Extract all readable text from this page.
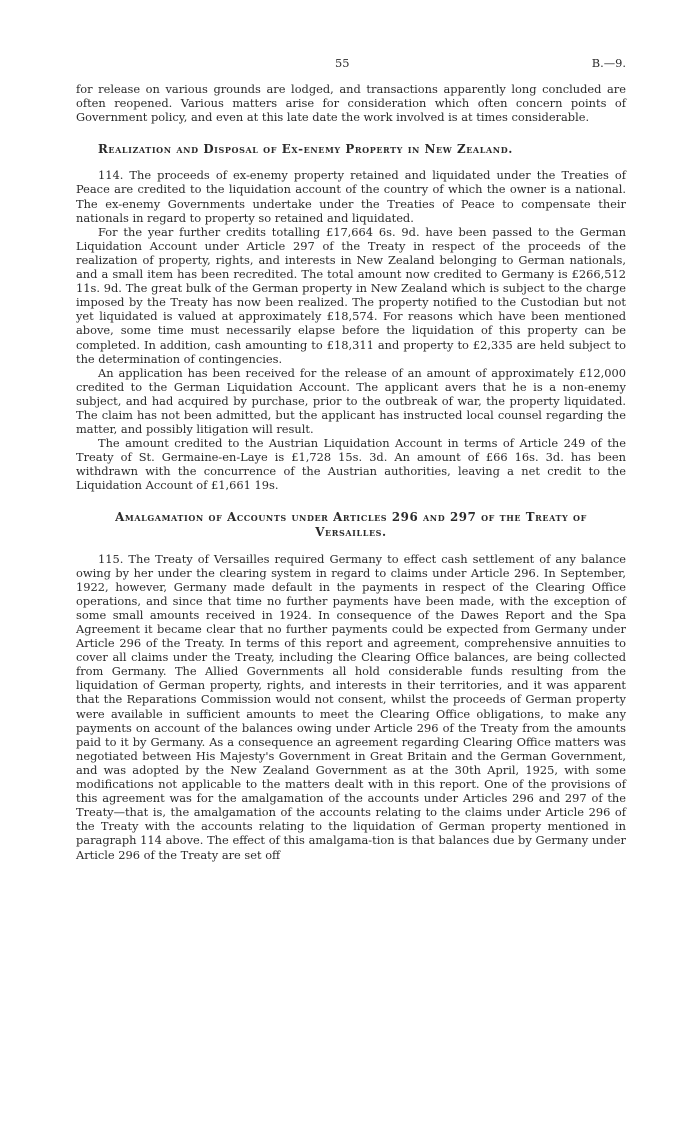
55	B.—9.

for release on various grounds are lodged, and transactions apparently long concluded are often reopened. Various matters arise for consideration which often concern points of Government policy, and even at this late date the work involved is at times considerable.

Realization and Disposal of Ex-enemy Property in New Zealand.

114. The proceeds of ex-enemy property retained and liquidated under the Treaties of Peace are credited to the liquidation account of the country of which the owner is a national. The ex-enemy Governments undertake under the Treaties of Peace to compensate their nationals in regard to property so retained and liquidated.

For the year further credits totalling £17,664 6s. 9d. have been passed to the German Liquidation Account under Article 297 of the Treaty in respect of the proceeds of the realization of property, rights, and interests in New Zealand belonging to German nationals, and a small item has been recredited. The total amount now credited to Germany is £266,512 11s. 9d. The great bulk of the German property in New Zealand which is subject to the charge imposed by the Treaty has now been realized. The property notified to the Custodian but not yet liquidated is valued at approximately £18,574. For reasons which have been mentioned above, some time must necessarily elapse before the liquidation of this property can be completed. In addition, cash amounting to £18,311 and property to £2,335 are held subject to the determination of contingencies.

An application has been received for the release of an amount of approximately £12,000 credited to the German Liquidation Account. The applicant avers that he is a non-enemy subject, and had acquired by purchase, prior to the outbreak of war, the property liquidated. The claim has not been admitted, but the applicant has instructed local counsel regarding the matter, and possibly litigation will result.

The amount credited to the Austrian Liquidation Account in terms of Article 249 of the Treaty of St. Germaine-en-Laye is £1,728 15s. 3d. An amount of £66 16s. 3d. has been withdrawn with the concurrence of the Austrian authorities, leaving a net credit to the Liquidation Account of £1,661 19s.

Amalgamation of Accounts under Articles 296 and 297 of the Treaty of
Versailles.

115. The Treaty of Versailles required Germany to effect cash settlement of any balance owing by her under the clearing system in regard to claims under Article 296. In September, 1922, however, Germany made default in the payments in respect of the Clearing Office operations, and since that time no further payments have been made, with the exception of some small amounts received in 1924. In consequence of the Dawes Report and the Spa Agreement it became clear that no further payments could be expected from Germany under Article 296 of the Treaty. In terms of this report and agreement, comprehensive annuities to cover all claims under the Treaty, including the Clearing Office balances, are being collected from Germany. The Allied Governments all hold considerable funds resulting from the liquidation of German property, rights, and interests in their territories, and it was apparent that the Reparations Commission would not consent, whilst the proceeds of German property were available in sufficient amounts to meet the Clearing Office obligations, to make any payments on account of the balances owing under Article 296 of the Treaty from the amounts paid to it by Germany. As a consequence an agreement regarding Clearing Office matters was negotiated between His Majesty's Government in Great Britain and the German Government, and was adopted by the New Zealand Government as at the 30th April, 1925, with some modifications not applicable to the matters dealt with in this report. One of the provisions of this agreement was for the amalgamation of the accounts under Articles 296 and 297 of the Treaty—that is, the amalgamation of the accounts relating to the claims under Article 296 of the Treaty with the accounts relating to the liquidation of German property mentioned in paragraph 114 above. The effect of this amalgama-tion is that balances due by Germany under Article 296 of the Treaty are set off
